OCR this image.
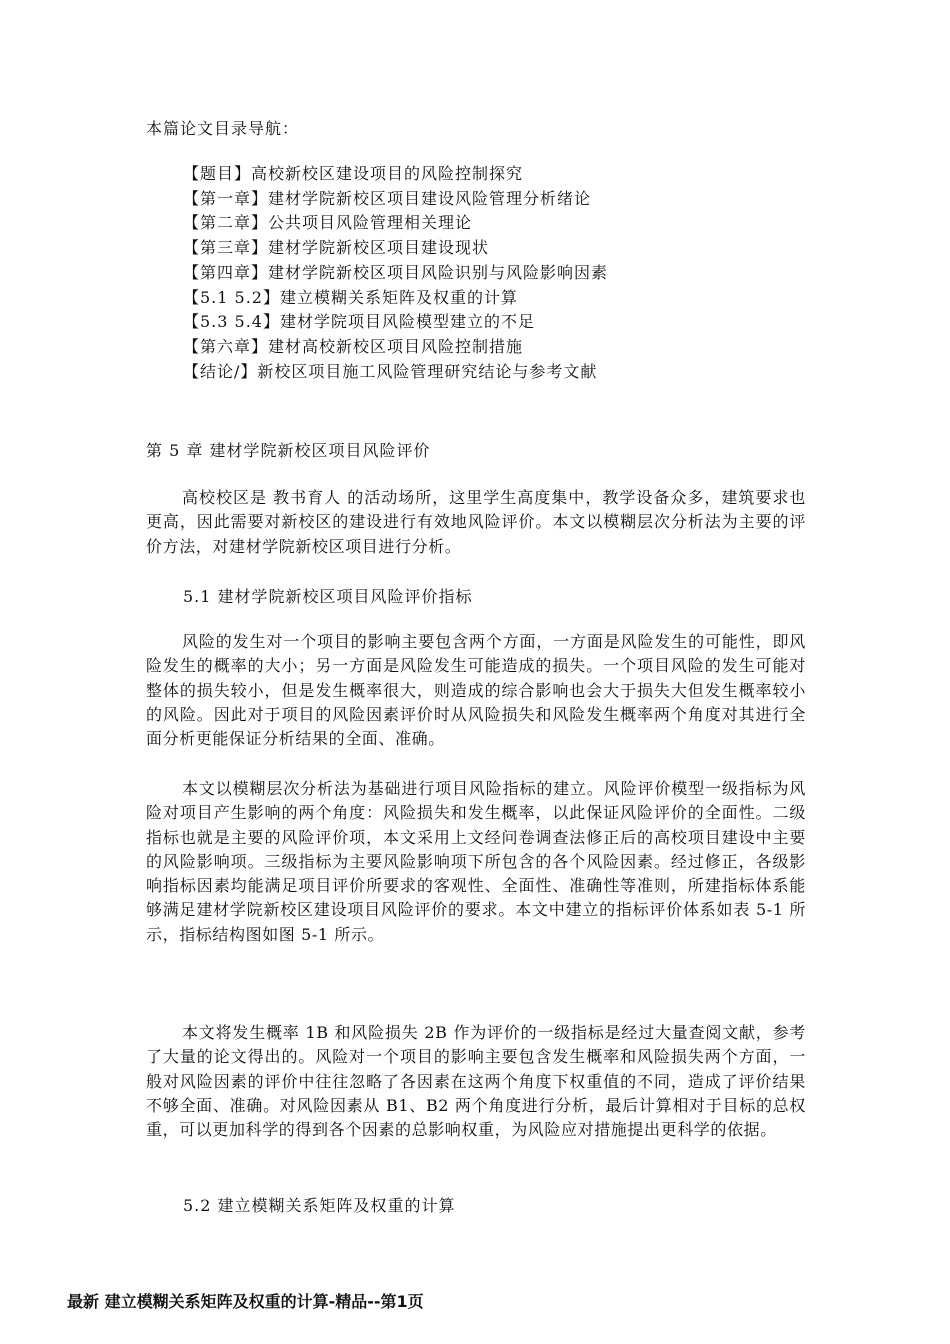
本篇论文目录导航：
【题目】高校新校区建设项目的风险控制探究
【第一章】建材学院新校区项目建设风险管理分析绪论
【第二章】公共项目风险管理相关理论
【第三章】建材学院新校区项目建设现状
【第四章】建材学院新校区项目风险识别与风险影响因素
【5.1 5.2】建立模糊关系矩阵及权重的计算
【5.3 5.4】建材学院项目风险模型建立的不足
【第六章】建材高校新校区项目风险控制措施
【结论/】新校区项目施工风险管理研究结论与参考文献
第 5 章 建材学院新校区项目风险评价

高校校区是 教书育人 的活动场所，这里学生高度集中，教学设备众多，建筑要求也更高，因此需要对新校区的建设进行有效地风险评价。本文以模糊层次分析法为主要的评价方法，对建材学院新校区项目进行分析。

5.1 建材学院新校区项目风险评价指标

风险的发生对一个项目的影响主要包含两个方面，一方面是风险发生的可能性，即风险发生的概率的大小；另一方面是风险发生可能造成的损失。一个项目风险的发生可能对整体的损失较小，但是发生概率很大，则造成的综合影响也会大于损失大但发生概率较小的风险。因此对于项目的风险因素评价时从风险损失和风险发生概率两个角度对其进行全面分析更能保证分析结果的全面、准确。

本文以模糊层次分析法为基础进行项目风险指标的建立。风险评价模型一级指标为风险对项目产生影响的两个角度：风险损失和发生概率，以此保证风险评价的全面性。二级指标也就是主要的风险评价项，本文采用上文经问卷调查法修正后的高校项目建设中主要的风险影响项。三级指标为主要风险影响项下所包含的各个风险因素。经过修正，各级影响指标因素均能满足项目评价所要求的客观性、全面性、准确性等准则，所建指标体系能够满足建材学院新校区建设项目风险评价的要求。本文中建立的指标评价体系如表 5-1 所示，指标结构图如图 5-1 所示。

本文将发生概率 1B 和风险损失 2B 作为评价的一级指标是经过大量查阅文献，参考了大量的论文得出的。风险对一个项目的影响主要包含发生概率和风险损失两个方面，一般对风险因素的评价中往往忽略了各因素在这两个角度下权重值的不同，造成了评价结果不够全面、准确。对风险因素从 B1、B2 两个角度进行分析，最后计算相对于目标的总权重，可以更加科学的得到各个因素的总影响权重，为风险应对措施提出更科学的依据。

5.2 建立模糊关系矩阵及权重的计算
最新 建立模糊关系矩阵及权重的计算-精品--第1页
